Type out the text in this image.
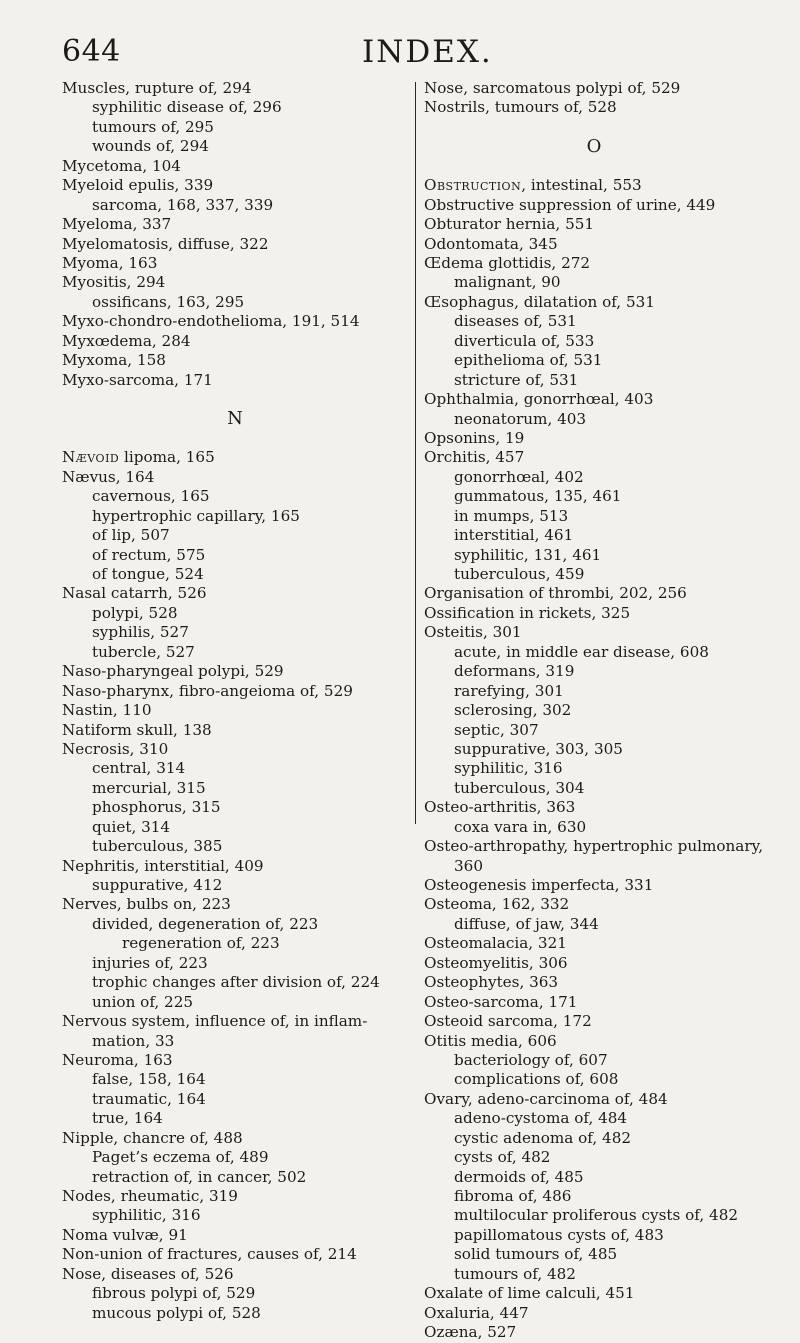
644	INDEX.
Muscles, rupture of, 294
syphilitic disease of, 296
tumours of, 295
wounds of, 294
Mycetoma, 104
Myeloid epulis, 339
sarcoma, 168, 337, 339
Myeloma, 337
Myelomatosis, diffuse, 322
Myoma, 163
Myositis, 294
ossificans, 163, 295
Myxo-chondro-endothelioma, 191, 514
Myxœdema, 284
Myxoma, 158
Myxo-sarcoma, 171
N
Nævoid lipoma, 165
Nævus, 164
cavernous, 165
hypertrophic capillary, 165
of lip, 507
of rectum, 575
of tongue, 524
Nasal catarrh, 526
polypi, 528
syphilis, 527
tubercle, 527
Naso-pharyngeal polypi, 529
Naso-pharynx, fibro-angeioma of, 529
Nastin, 110
Natiform skull, 138
Necrosis, 310
central, 314
mercurial, 315
phosphorus, 315
quiet, 314
tuberculous, 385
Nephritis, interstitial, 409
suppurative, 412
Nerves, bulbs on, 223
divided, degeneration of, 223
regeneration of, 223
injuries of, 223
trophic changes after division of, 224
union of, 225
Nervous system, influence of, in inflam-
mation, 33
Neuroma, 163
false, 158, 164
traumatic, 164
true, 164
Nipple, chancre of, 488
Paget’s eczema of, 489
retraction of, in cancer, 502
Nodes, rheumatic, 319
syphilitic, 316
Noma vulvæ, 91
Non-union of fractures, causes of, 214
Nose, diseases of, 526
fibrous polypi of, 529
mucous polypi of, 528
Nose, sarcomatous polypi of, 529
Nostrils, tumours of, 528
O
Obstruction, intestinal, 553
Obstructive suppression of urine, 449
Obturator hernia, 551
Odontomata, 345
Œdema glottidis, 272
malignant, 90
Œsophagus, dilatation of, 531
diseases of, 531
diverticula of, 533
epithelioma of, 531
stricture of, 531
Ophthalmia, gonorrhœal, 403
neonatorum, 403
Opsonins, 19
Orchitis, 457
gonorrhœal, 402
gummatous, 135, 461
in mumps, 513
interstitial, 461
syphilitic, 131, 461
tuberculous, 459
Organisation of thrombi, 202, 256
Ossification in rickets, 325
Osteitis, 301
acute, in middle ear disease, 608
deformans, 319
rarefying, 301
sclerosing, 302
septic, 307
suppurative, 303, 305
syphilitic, 316
tuberculous, 304
Osteo-arthritis, 363
coxa vara in, 630
Osteo-arthropathy, hypertrophic pulmonary,
360
Osteogenesis imperfecta, 331
Osteoma, 162, 332
diffuse, of jaw, 344
Osteomalacia, 321
Osteomyelitis, 306
Osteophytes, 363
Osteo-sarcoma, 171
Osteoid sarcoma, 172
Otitis media, 606
bacteriology of, 607
complications of, 608
Ovary, adeno-carcinoma of, 484
adeno-cystoma of, 484
cystic adenoma of, 482
cysts of, 482
dermoids of, 485
fibroma of, 486
multilocular proliferous cysts of, 482
papillomatous cysts of, 483
solid tumours of, 485
tumours of, 482
Oxalate of lime calculi, 451
Oxaluria, 447
Ozæna, 527
